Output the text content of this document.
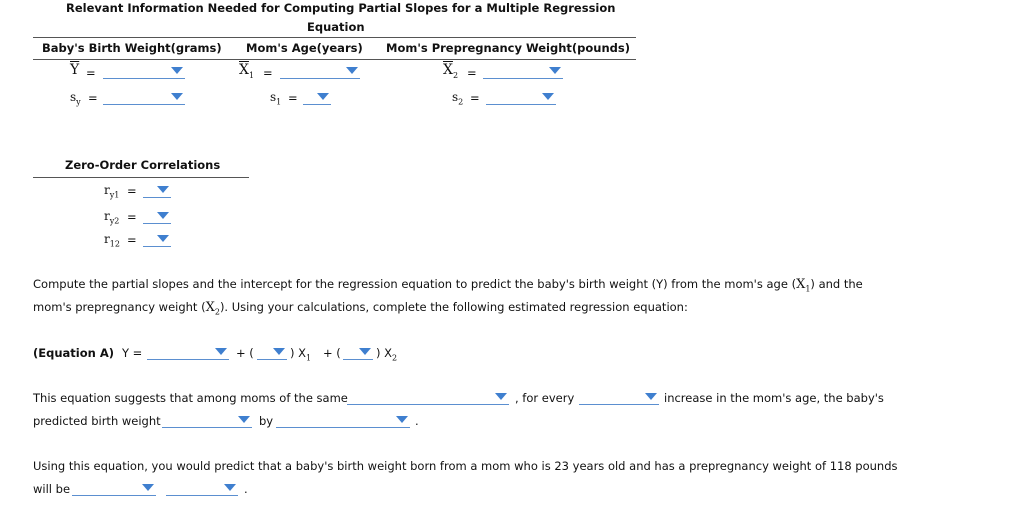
Relevant Information Needed for Computing Partial Slopes for a Multiple Regression
Equation
Baby's Birth Weight(grams) Mom's Age(years) Mom's Prepregnancy Weight(pounds)
$\overline{Y}$ =	$\overline{X}_1$ =	$\overline{X}_2$ =
$s_y$ =	$s_1$ =	$s_2$ =
Zero-Order Correlations
$r_{y1}$ =
$r_{y2}$ =
$r_{12}$ =
Compute the partial slopes and the intercept for the regression equation to predict the baby's birth weight (Y) from the mom's age $(X_1)$ and the
mom's prepregnancy weight $(X_2)$. Using your calculations, complete the following estimated regression equation:
(Equation A) Y =	+ (	) $X_1$ + (	) $X_2$
This equation suggests that among moms of the same	, for every	increase in the mom's age, the baby's
predicted birth weight	by	.
Using this equation, you would predict that a baby's birth weight born from a mom who is 23 years old and has a prepregnancy weight of 118 pounds
will be	.
